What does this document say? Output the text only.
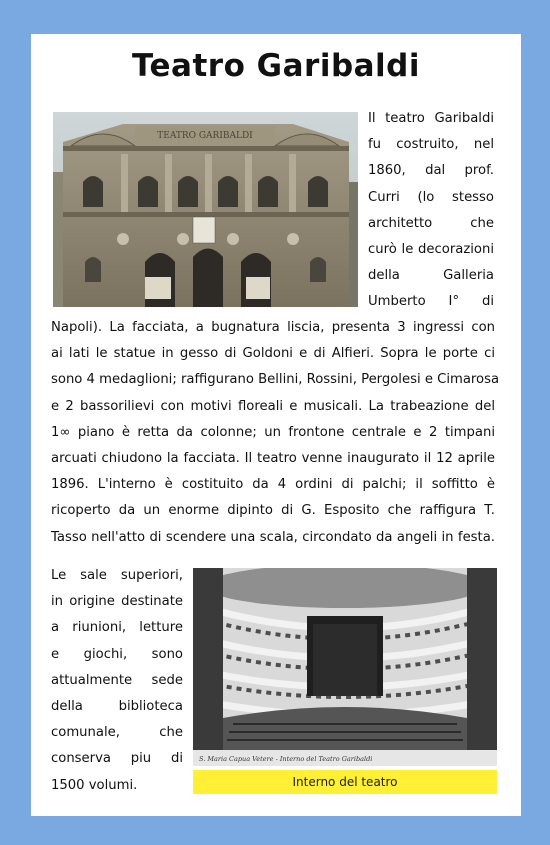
Teatro Garibaldi
Il teatro Garibaldi
fu costruito, nel
1860, dal prof.
Curri (lo stesso
architetto che
curò le decorazioni
della Galleria
Umberto I° di
TEATRO GARIBALDI
Napoli). La facciata, a bugnatura liscia, presenta 3 ingressi con
ai lati le statue in gesso di Goldoni e di Alfieri. Sopra le porte ci
sono 4 medaglioni; raffigurano Bellini, Rossini, Pergolesi e Cimarosa
e 2 bassorilievi con motivi floreali e musicali. La trabeazione del
1∞ piano è retta da colonne; un frontone centrale e 2 timpani
arcuati chiudono la facciata. Il teatro venne inaugurato il 12 aprile
1896. L'interno è costituito da 4 ordini di palchi; il soffitto è
ricoperto da un enorme dipinto di G. Esposito che raffigura T.
Tasso nell'atto di scendere una scala, circondato da angeli in festa.
Le sale superiori,
in origine destinate
a riunioni, letture
e giochi, sono
attualmente sede
della biblioteca
comunale, che
conserva piu di
1500 volumi.
S. Maria Capua Vetere - Interno del Teatro Garibaldi
Interno del teatro
